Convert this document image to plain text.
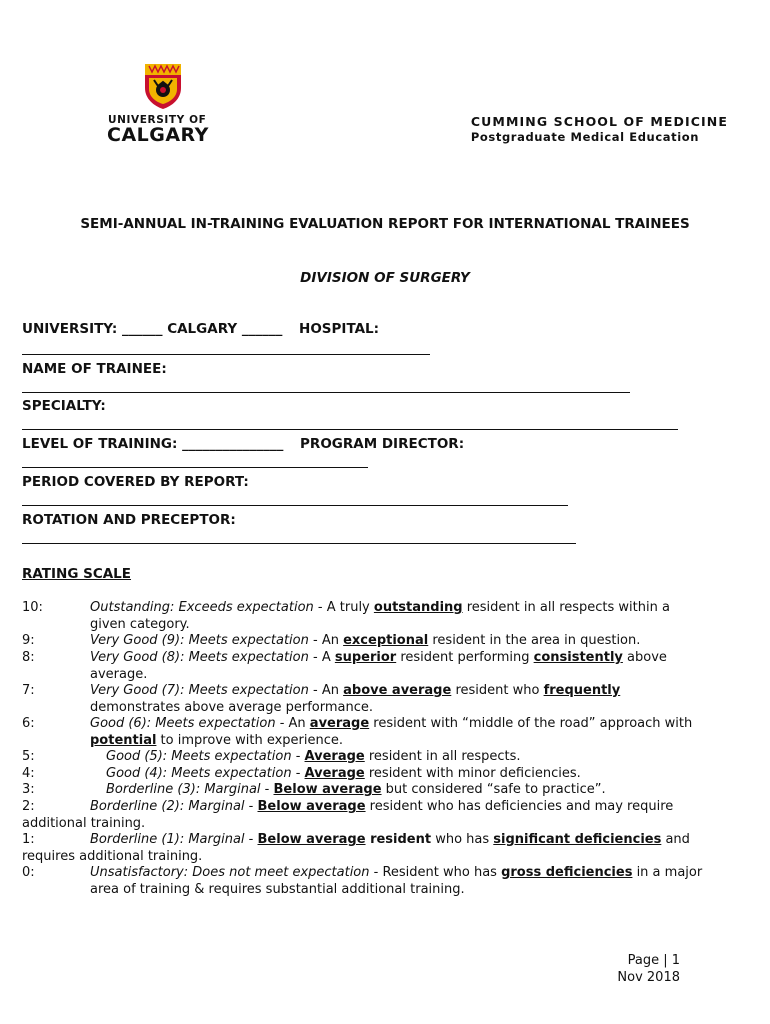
UNIVERSITY OF
CALGARY
CUMMING SCHOOL OF MEDICINE
Postgraduate Medical Education
SEMI-ANNUAL IN-TRAINING EVALUATION REPORT FOR INTERNATIONAL TRAINEES
DIVISION OF SURGERY
UNIVERSITY: ______ CALGARY ______ HOSPITAL:
NAME OF TRAINEE:
SPECIALTY:
LEVEL OF TRAINING: _______________ PROGRAM DIRECTOR:
PERIOD COVERED BY REPORT:
ROTATION AND PRECEPTOR:
RATING SCALE
10:	Outstanding: Exceeds expectation - A truly outstanding resident in all respects within a
given category.
9:	Very Good (9): Meets expectation - An exceptional resident in the area in question.
8:	Very Good (8): Meets expectation - A superior resident performing consistently above
average.
7:	Very Good (7): Meets expectation - An above average resident who frequently
demonstrates above average performance.
6:	Good (6): Meets expectation - An average resident with “middle of the road” approach with
potential to improve with experience.
5:	Good (5): Meets expectation - Average resident in all respects.
4:	Good (4): Meets expectation - Average resident with minor deficiencies.
3:	Borderline (3): Marginal - Below average but considered “safe to practice”.
2:	Borderline (2): Marginal - Below average resident who has deficiencies and may require
additional training.
1:	Borderline (1): Marginal - Below average resident who has significant deficiencies and
requires additional training.
0:	Unsatisfactory: Does not meet expectation - Resident who has gross deficiencies in a major
area of training & requires substantial additional training.
Page | 1
Nov 2018
